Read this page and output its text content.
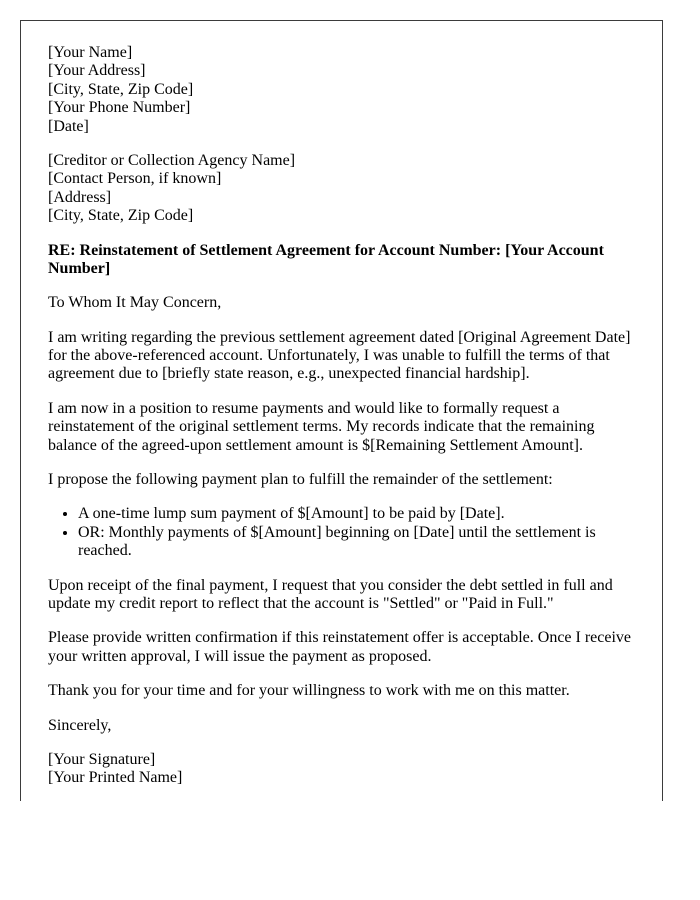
[Your Name]
[Your Address]
[City, State, Zip Code]
[Your Phone Number]
[Date]

[Creditor or Collection Agency Name]
[Contact Person, if known]
[Address]
[City, State, Zip Code]

RE: Reinstatement of Settlement Agreement for Account Number: [Your Account Number]

To Whom It May Concern,

I am writing regarding the previous settlement agreement dated [Original Agreement Date] for the above-referenced account. Unfortunately, I was unable to fulfill the terms of that agreement due to [briefly state reason, e.g., unexpected financial hardship].

I am now in a position to resume payments and would like to formally request a reinstatement of the original settlement terms. My records indicate that the remaining balance of the agreed-upon settlement amount is $[Remaining Settlement Amount].

I propose the following payment plan to fulfill the remainder of the settlement:

• A one-time lump sum payment of $[Amount] to be paid by [Date].
• OR: Monthly payments of $[Amount] beginning on [Date] until the settlement is reached.

Upon receipt of the final payment, I request that you consider the debt settled in full and update my credit report to reflect that the account is "Settled" or "Paid in Full."

Please provide written confirmation if this reinstatement offer is acceptable. Once I receive your written approval, I will issue the payment as proposed.

Thank you for your time and for your willingness to work with me on this matter.

Sincerely,

[Your Signature]
[Your Printed Name]
